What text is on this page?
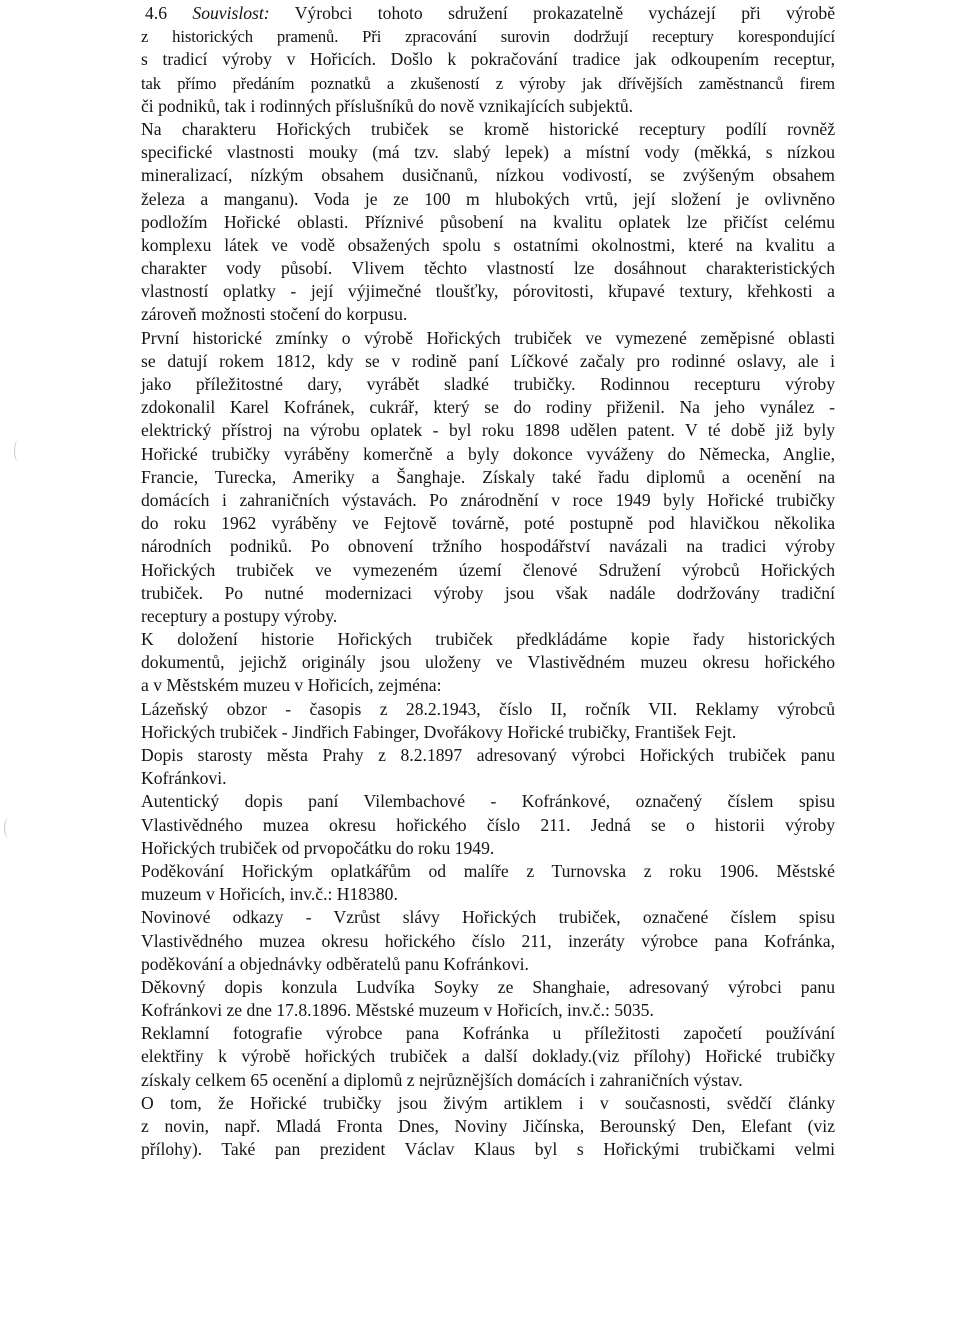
4.6 Souvislost: Výrobci tohoto sdružení prokazatelně vycházejí při výrobě
z historických pramenů. Při zpracování surovin dodržují receptury korespondující
s tradicí výroby v Hořicích. Došlo k pokračování tradice jak odkoupením receptur,
tak přímo předáním poznatků a zkušeností z výroby jak dřívějších zaměstnanců firem
či podniků, tak i rodinných příslušníků do nově vznikajících subjektů.
Na charakteru Hořických trubiček se kromě historické receptury podílí rovněž
specifické vlastnosti mouky (má tzv. slabý lepek) a místní vody (měkká, s nízkou
mineralizací, nízkým obsahem dusičnanů, nízkou vodivostí, se zvýšeným obsahem
železa a manganu). Voda je ze 100 m hlubokých vrtů, její složení je ovlivněno
podložím Hořické oblasti. Příznivé působení na kvalitu oplatek lze přičíst celému
komplexu látek ve vodě obsažených spolu s ostatními okolnostmi, které na kvalitu a
charakter vody působí. Vlivem těchto vlastností lze dosáhnout charakteristických
vlastností oplatky - její výjimečné tloušťky, pórovitosti, křupavé textury, křehkosti a
zároveň možnosti stočení do korpusu.
První historické zmínky o výrobě Hořických trubiček ve vymezené zeměpisné oblasti
se datují rokem 1812, kdy se v rodině paní Líčkové začaly pro rodinné oslavy, ale i
jako příležitostné dary, vyrábět sladké trubičky. Rodinnou recepturu výroby
zdokonalil Karel Kofránek, cukrář, který se do rodiny přiženil. Na jeho vynález -
elektrický přístroj na výrobu oplatek - byl roku 1898 udělen patent. V té době již byly
Hořické trubičky vyráběny komerčně a byly dokonce vyváženy do Německa, Anglie,
Francie, Turecka, Ameriky a Šanghaje. Získaly také řadu diplomů a ocenění na
domácích i zahraničních výstavách. Po znárodnění v roce 1949 byly Hořické trubičky
do roku 1962 vyráběny ve Fejtově továrně, poté postupně pod hlavičkou několika
národních podniků. Po obnovení tržního hospodářství navázali na tradici výroby
Hořických trubiček ve vymezeném území členové Sdružení výrobců Hořických
trubiček. Po nutné modernizaci výroby jsou však nadále dodržovány tradiční
receptury a postupy výroby.
K doložení historie Hořických trubiček předkládáme kopie řady historických
dokumentů, jejichž originály jsou uloženy ve Vlastivědném muzeu okresu hořického
a v Městském muzeu v Hořicích, zejména:
Lázeňský obzor - časopis z 28.2.1943, číslo II, ročník VII. Reklamy výrobců
Hořických trubiček - Jindřich Fabinger, Dvořákovy Hořické trubičky, František Fejt.
Dopis starosty města Prahy z 8.2.1897 adresovaný výrobci Hořických trubiček panu
Kofránkovi.
Autentický dopis paní Vilembachové - Kofránkové, označený číslem spisu
Vlastivědného muzea okresu hořického číslo 211. Jedná se o historii výroby
Hořických trubiček od prvopočátku do roku 1949.
Poděkování Hořickým oplatkářům od malíře z Turnovska z roku 1906. Městské
muzeum v Hořicích, inv.č.: H18380.
Novinové odkazy - Vzrůst slávy Hořických trubiček, označené číslem spisu
Vlastivědného muzea okresu hořického číslo 211, inzeráty výrobce pana Kofránka,
poděkování a objednávky odběratelů panu Kofránkovi.
Děkovný dopis konzula Ludvíka Soyky ze Shanghaie, adresovaný výrobci panu
Kofránkovi ze dne 17.8.1896. Městské muzeum v Hořicích, inv.č.: 5035.
Reklamní fotografie výrobce pana Kofránka u příležitosti započetí používání
elektřiny k výrobě hořických trubiček a další doklady.(viz přílohy) Hořické trubičky
získaly celkem 65 ocenění a diplomů z nejrůznějších domácích i zahraničních výstav.
O tom, že Hořické trubičky jsou živým artiklem i v současnosti, svědčí články
z novin, např. Mladá Fronta Dnes, Noviny Jičínska, Berounský Den, Elefant (viz
přílohy). Také pan prezident Václav Klaus byl s Hořickými trubičkami velmi
